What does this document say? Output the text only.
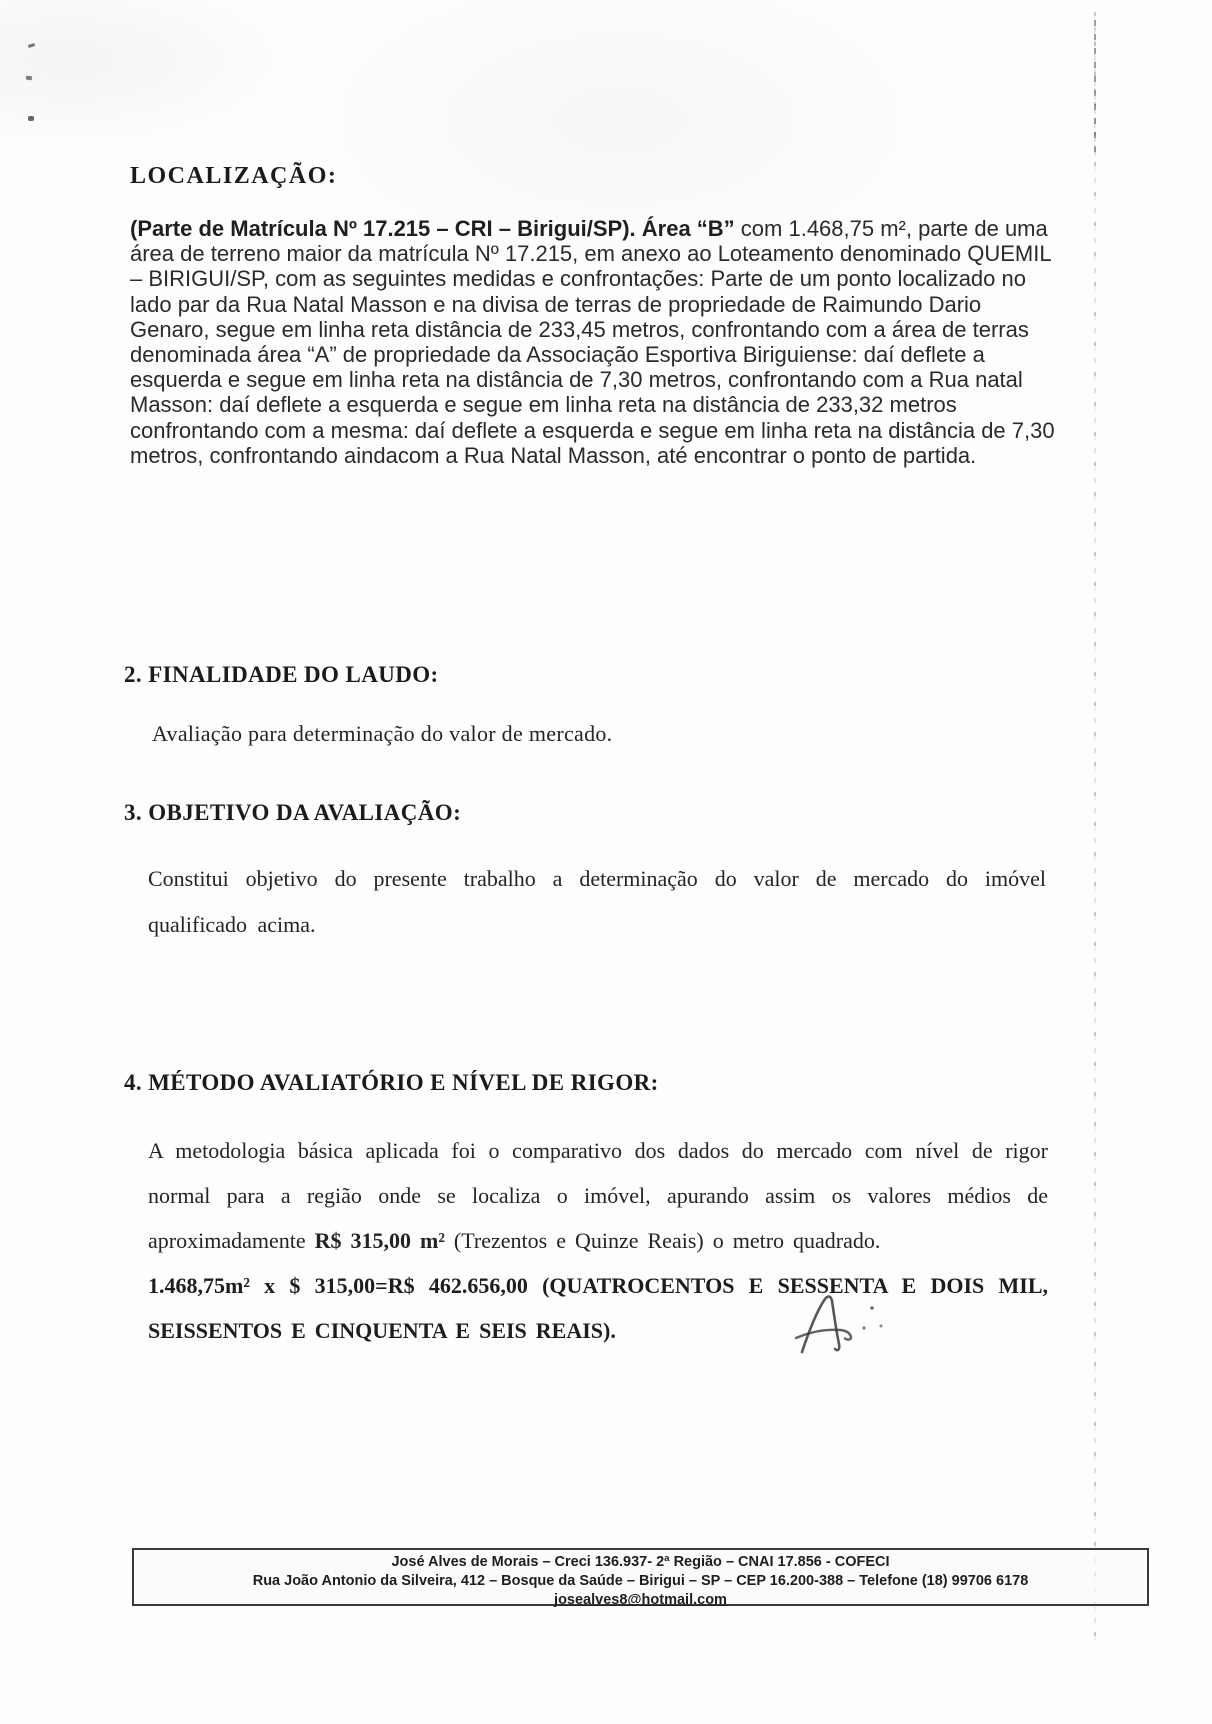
LOCALIZAÇÃO:
(Parte de Matrícula Nº 17.215 – CRI – Birigui/SP). Área “B” com 1.468,75 m², parte de uma área de terreno maior da matrícula Nº 17.215, em anexo ao Loteamento denominado QUEMIL – BIRIGUI/SP, com as seguintes medidas e confrontações: Parte de um ponto localizado no lado par da Rua Natal Masson e na divisa de terras de propriedade de Raimundo Dario Genaro, segue em linha reta distância de 233,45 metros, confrontando com a área de terras denominada área “A” de propriedade da Associação Esportiva Biriguiense: daí deflete a esquerda e segue em linha reta na distância de 7,30 metros, confrontando com a Rua natal Masson: daí deflete a esquerda e segue em linha reta na distância de 233,32 metros confrontando com a mesma: daí deflete a esquerda e segue em linha reta na distância de 7,30 metros, confrontando aindacom a Rua Natal Masson, até encontrar o ponto de partida.
2. FINALIDADE DO LAUDO:
Avaliação para determinação do valor de mercado.
3. OBJETIVO DA AVALIAÇÃO:
Constitui objetivo do presente trabalho a determinação do valor de mercado do imóvel qualificado acima.
4. MÉTODO AVALIATÓRIO E NÍVEL DE RIGOR:

A metodologia básica aplicada foi o comparativo dos dados do mercado com nível de rigor normal para a região onde se localiza o imóvel, apurando assim os valores médios de aproximadamente R$ 315,00 m² (Trezentos e Quinze Reais) o metro quadrado.

1.468,75m² x $ 315,00=R$ 462.656,00 (QUATROCENTOS E SESSENTA E DOIS MIL, SEISSENTOS E CINQUENTA E SEIS REAIS).

José Alves de Morais – Creci 136.937- 2ª Região – CNAI 17.856 - COFECI
Rua João Antonio da Silveira, 412 – Bosque da Saúde – Birigui – SP – CEP 16.200-388 – Telefone (18) 99706 6178
josealves8@hotmail.com
